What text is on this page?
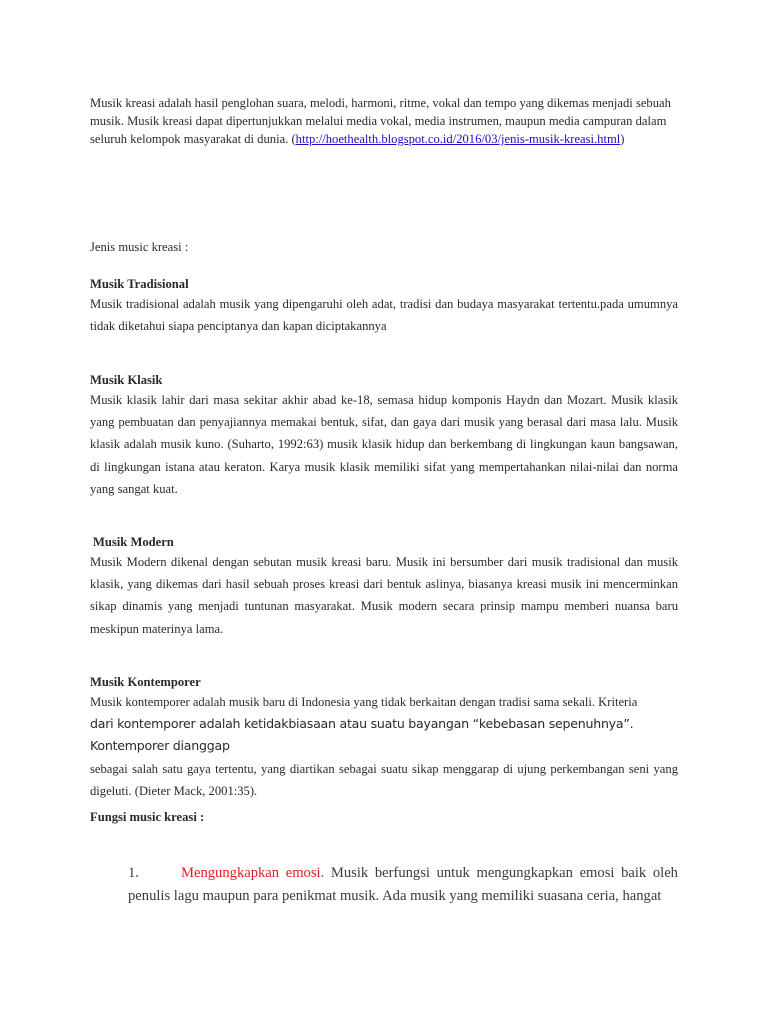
Musik kreasi adalah hasil penglohan suara, melodi, harmoni, ritme, vokal dan tempo yang dikemas menjadi sebuah musik. Musik kreasi dapat dipertunjukkan melalui media vokal, media instrumen, maupun media campuran dalam seluruh kelompok masyarakat di dunia. (http://hoethealth.blogspot.co.id/2016/03/jenis-musik-kreasi.html)

Jenis music kreasi :

Musik Tradisional

Musik tradisional adalah musik yang dipengaruhi oleh adat, tradisi dan budaya masyarakat tertentu.pada umumnya tidak diketahui siapa penciptanya dan kapan diciptakannya

Musik Klasik

Musik klasik lahir dari masa sekitar akhir abad ke-18, semasa hidup komponis Haydn dan Mozart. Musik klasik yang pembuatan dan penyajiannya memakai bentuk, sifat, dan gaya dari musik yang berasal dari masa lalu. Musik klasik adalah musik kuno. (Suharto, 1992:63) musik klasik hidup dan berkembang di lingkungan kaun bangsawan, di lingkungan istana atau keraton. Karya musik klasik memiliki sifat yang mempertahankan nilai-nilai dan norma yang sangat kuat.

Musik Modern

Musik Modern dikenal dengan sebutan musik kreasi baru. Musik ini bersumber dari musik tradisional dan musik klasik, yang dikemas dari hasil sebuah proses kreasi dari bentuk aslinya, biasanya kreasi musik ini mencerminkan sikap dinamis yang menjadi tuntunan masyarakat. Musik modern secara prinsip mampu memberi nuansa baru meskipun materinya lama.

Musik Kontemporer

Musik kontemporer adalah musik baru di Indonesia yang tidak berkaitan dengan tradisi sama sekali. Kriteria

dari kontemporer adalah ketidakbiasaan atau suatu bayangan “kebebasan sepenuhnya”. Kontemporer dianggap

sebagai salah satu gaya tertentu, yang diartikan sebagai suatu sikap menggarap di ujung perkembangan seni yang digeluti. (Dieter Mack, 2001:35).

Fungsi music kreasi :

1.	Mengungkapkan emosi. Musik berfungsi untuk mengungkapkan emosi baik oleh penulis lagu maupun para penikmat musik. Ada musik yang memiliki suasana ceria, hangat
